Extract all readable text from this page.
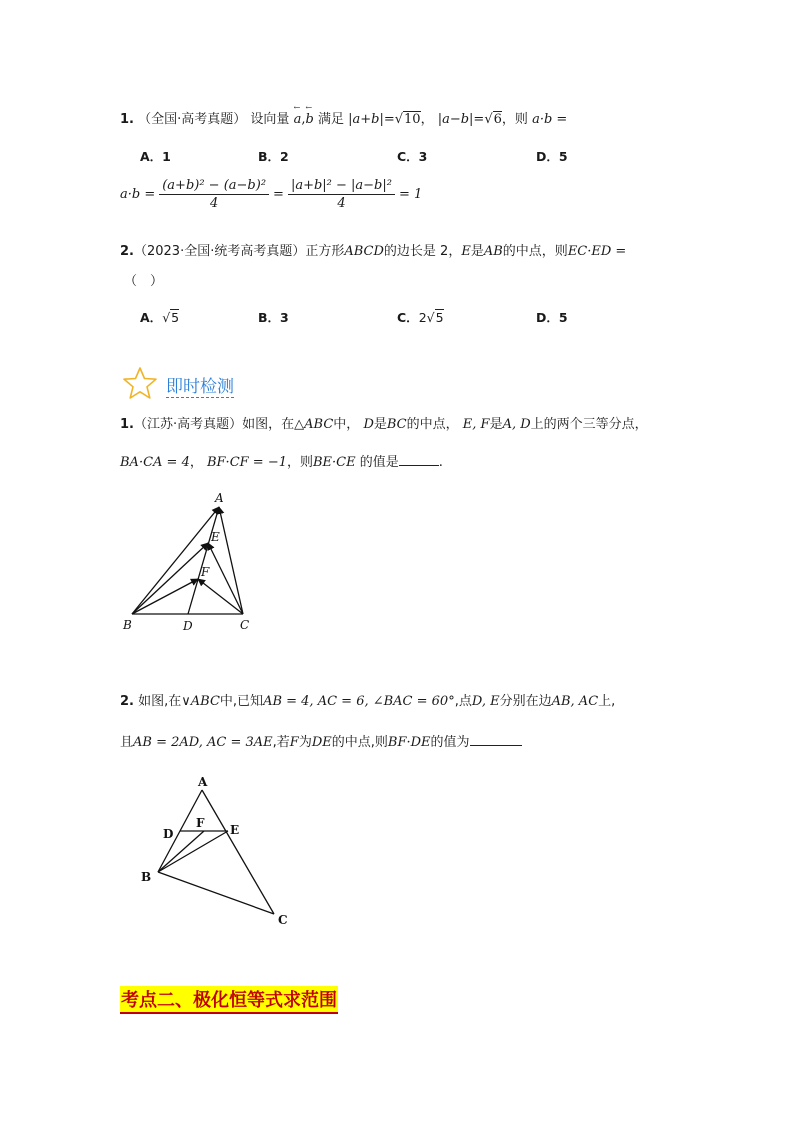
1. （全国·高考真题） 设向量 ← a,← b 满足 |a+b|=√10， |a−b|=√6，则 a·b =
A．1	B．2	C．3	D．5
$a\cdot b = \frac{\text{(a+b)² − (a−b)²}}{4} = \frac{\text{|a+b|² − |a−b|²}}{4} = 1$
2.（2023·全国·统考高考真题）正方形ABCD的边长是 2，E是AB的中点，则EC·ED =
（　）
A．√5	B．3	C．2√5	D．5
即时检测
1.（江苏·高考真题）如图，在△ABC中， D是BC的中点， E, F是A, D上的两个三等分点，
BA·CA = 4， BF·CF = −1，则BE·CE 的值是	.
A
E
F
B	D	C
2. 如图,在∨ABC中,已知AB = 4, AC = 6, ∠BAC = 60°,点D, E分别在边AB, AC上,
且AB = 2AD, AC = 3AE,若F为DE的中点,则BF·DE的值为
A
D
F E
B
C
考点二、极化恒等式求范围
